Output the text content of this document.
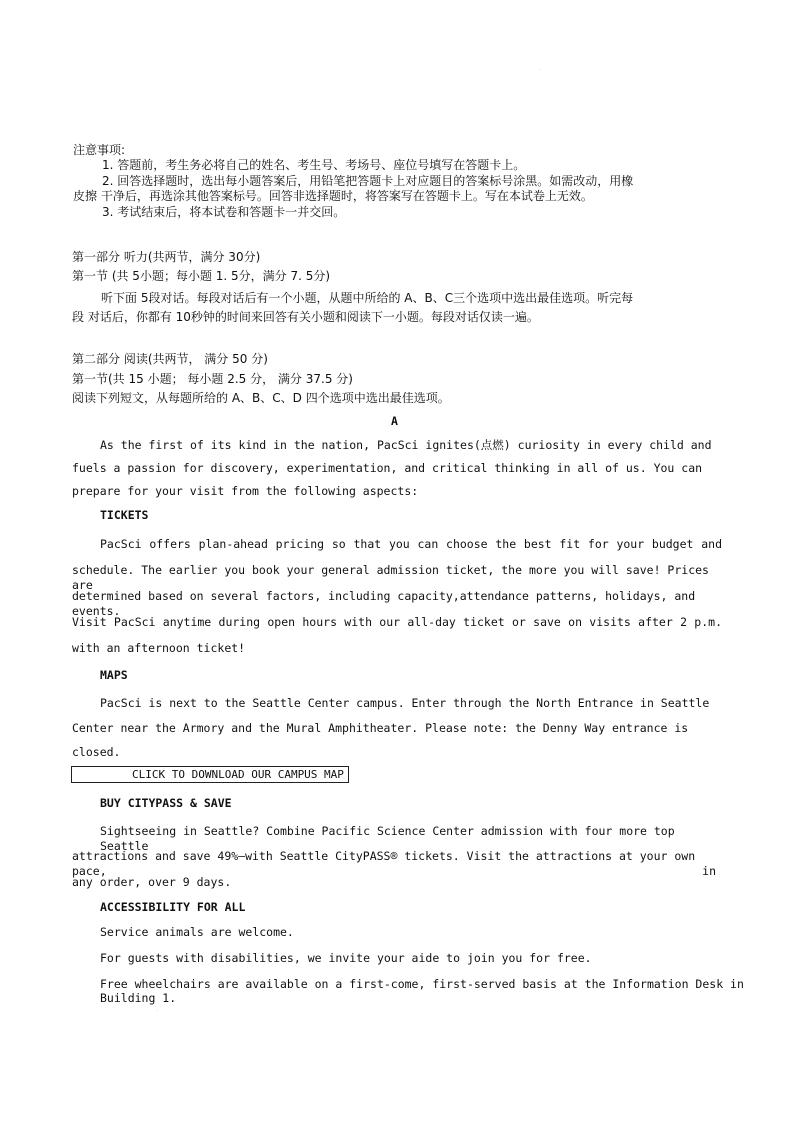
.
注意事项:
1. 答题前，考生务必将自己的姓名、考生号、考场号、座位号填写在答题卡上。
2. 回答选择题时，选出每小题答案后，用铅笔把答题卡上对应题目的答案标号涂黑。如需改动，用橡
皮擦 干净后，再选涂其他答案标号。回答非选择题时，将答案写在答题卡上。写在本试卷上无效。
3. 考试结束后，将本试卷和答题卡一并交回。
第一部分 听力(共两节，满分 30分)
第一节 (共 5小题；每小题 1. 5分，满分 7. 5分)
听下面 5段对话。每段对话后有一个小题，从题中所给的 A、B、C三个选项中选出最佳选项。听完每
段 对话后，你都有 10秒钟的时间来回答有关小题和阅读下一小题。每段对话仅读一遍。
第二部分 阅读(共两节， 满分 50 分)
第一节(共 15 小题； 每小题 2.5 分， 满分 37.5 分)
阅读下列短文，从每题所给的 A、B、C、D 四个选项中选出最佳选项。
A
As the first of its kind in the nation, PacSci ignites(点燃) curiosity in every child and
fuels a passion for discovery, experimentation, and critical thinking in all of us. You can
prepare for your visit from the following aspects:
TICKETS
PacSci offers plan-ahead pricing so that you can choose the best fit for your budget and
schedule. The earlier you book your general admission ticket, the more you will save! Prices are
determined based on several factors, including capacity,attendance patterns, holidays, and events.
Visit PacSci anytime during open hours with our all-day ticket or save on visits after 2 p.m.
with an afternoon ticket!
MAPS
PacSci is next to the Seattle Center campus. Enter through the North Entrance in Seattle
Center near the Armory and the Mural Amphitheater. Please note: the Denny Way entrance is
closed.
CLICK TO DOWNLOAD OUR CAMPUS MAP
BUY CITYPASS & SAVE
Sightseeing in Seattle? Combine Pacific Science Center admission with four more top Seattle
attractions and save 49%—with Seattle CityPASS® tickets. Visit the attractions at your own pace, in
any order, over 9 days.
ACCESSIBILITY FOR ALL
Service animals are welcome.
For guests with disabilities, we invite your aide to join you for free.
Free wheelchairs are available on a first-come, first-served basis at the Information Desk in
Building 1.
.
